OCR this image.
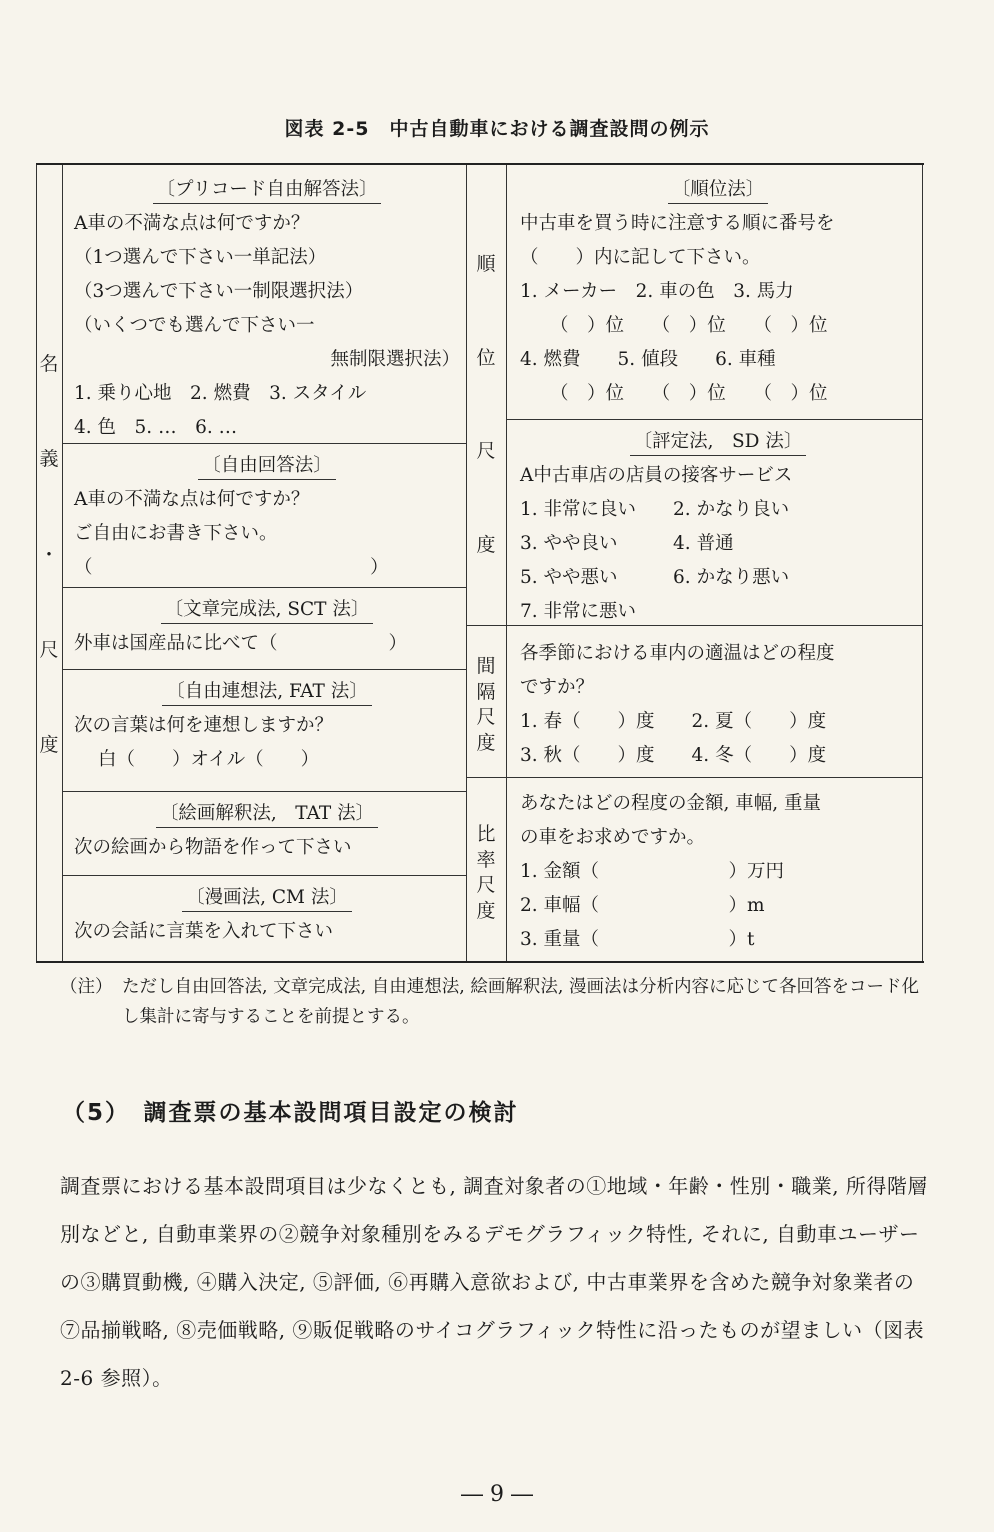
図表 2-5　中古自動車における調査設問の例示
名
義
・
尺
度
順
位
尺
度
間
隔
尺
度
比
率
尺
度
〔プリコード自由解答法〕
A車の不満な点は何ですか？
（1つ選んで下さい一単記法）
（3つ選んで下さい一制限選択法）
（いくつでも選んで下さい一
無制限選択法）
1. 乗り心地　2. 燃費　3. スタイル
4. 色　5. …　6. …
〔自由回答法〕
A車の不満な点は何ですか？
ご自由にお書き下さい。
（　　　　　　　　　　　　　　　）
〔文章完成法, SCT 法〕
外車は国産品に比べて（　　　　　　）
〔自由連想法, FAT 法〕
次の言葉は何を連想しますか？
白（　　）オイル（　　）
〔絵画解釈法,　TAT 法〕
次の絵画から物語を作って下さい
〔漫画法, CM 法〕
次の会話に言葉を入れて下さい
〔順位法〕
中古車を買う時に注意する順に番号を
（　　）内に記して下さい。
1. メーカー　2. 車の色　3. 馬力
（　）位　　（　）位　　（　）位
4. 燃費　　5. 値段　　6. 車種
（　）位　　（　）位　　（　）位
〔評定法,　SD 法〕
A中古車店の店員の接客サービス
1. 非常に良い　　2. かなり良い
3. やや良い　　　4. 普通
5. やや悪い　　　6. かなり悪い
7. 非常に悪い
各季節における車内の適温はどの程度
ですか？
1. 春（　　）度　　2. 夏（　　）度
3. 秋（　　）度　　4. 冬（　　）度
あなたはどの程度の金額, 車幅, 重量
の車をお求めですか。
1. 金額（　　　　　　　）万円
2. 車幅（　　　　　　　）m
3. 重量（　　　　　　　）t
（注） ただし自由回答法, 文章完成法, 自由連想法, 絵画解釈法, 漫画法は分析内容に応じて各回答をコード化し集計に寄与することを前提とする。
（5）　調査票の基本設問項目設定の検討
調査票における基本設問項目は少なくとも, 調査対象者の①地域・年齢・性別・職業, 所得階層別などと, 自動車業界の②競争対象種別をみるデモグラフィック特性, それに, 自動車ユーザーの③購買動機, ④購入決定, ⑤評価, ⑥再購入意欲および, 中古車業界を含めた競争対象業者の⑦品揃戦略, ⑧売価戦略, ⑨販促戦略のサイコグラフィック特性に沿ったものが望ましい（図表 2-6 参照）。
― 9 ―
